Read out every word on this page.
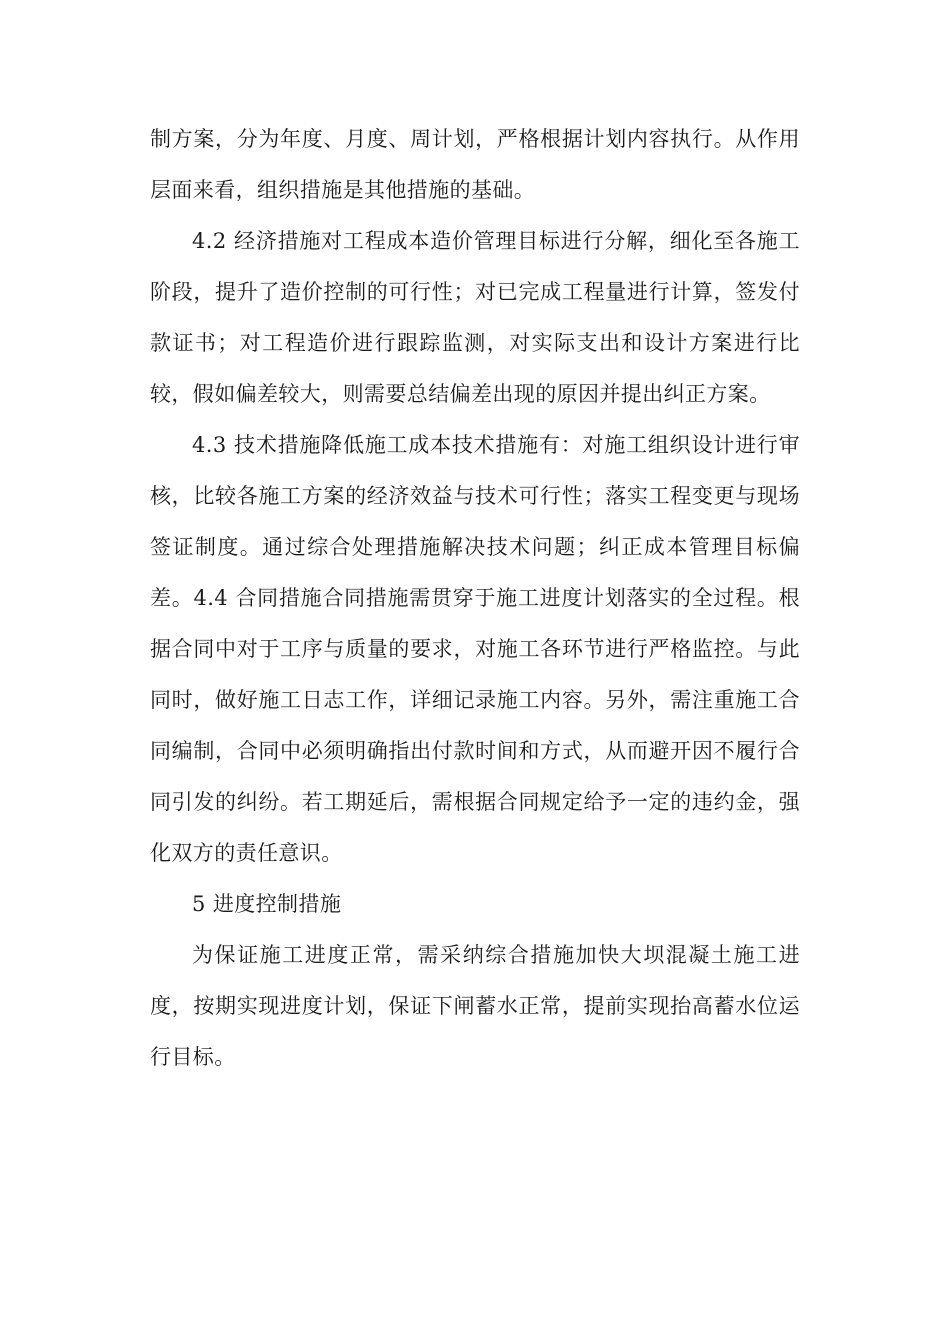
制方案，分为年度、月度、周计划，严格根据计划内容执行。从作用层面来看，组织措施是其他措施的基础。

4.2 经济措施对工程成本造价管理目标进行分解，细化至各施工阶段，提升了造价控制的可行性；对已完成工程量进行计算，签发付款证书；对工程造价进行跟踪监测，对实际支出和设计方案进行比较，假如偏差较大，则需要总结偏差出现的原因并提出纠正方案。

4.3 技术措施降低施工成本技术措施有：对施工组织设计进行审核，比较各施工方案的经济效益与技术可行性；落实工程变更与现场签证制度。通过综合处理措施解决技术问题；纠正成本管理目标偏差。4.4 合同措施合同措施需贯穿于施工进度计划落实的全过程。根据合同中对于工序与质量的要求，对施工各环节进行严格监控。与此同时，做好施工日志工作，详细记录施工内容。另外，需注重施工合同编制，合同中必须明确指出付款时间和方式，从而避开因不履行合同引发的纠纷。若工期延后，需根据合同规定给予一定的违约金，强化双方的责任意识。

5 进度控制措施

为保证施工进度正常，需采纳综合措施加快大坝混凝土施工进度，按期实现进度计划，保证下闸蓄水正常，提前实现抬高蓄水位运行目标。
